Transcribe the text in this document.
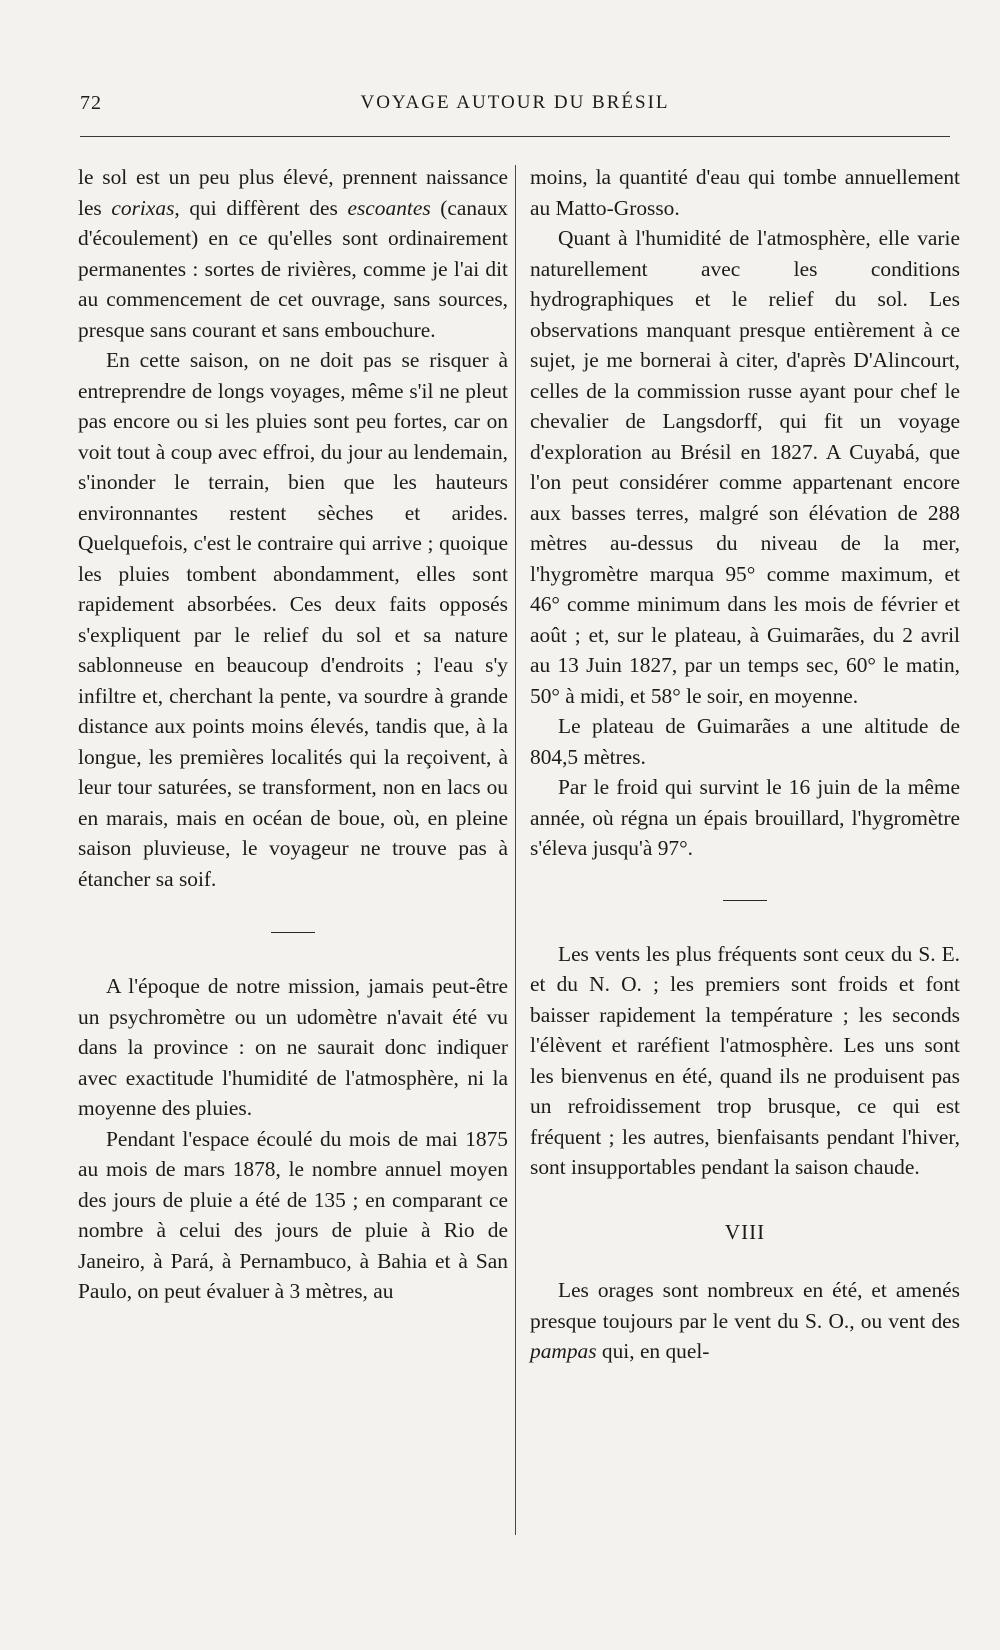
72	VOYAGE AUTOUR DU BRÉSIL

le sol est un peu plus élevé, prennent naissance les corixas, qui diffèrent des escoantes (canaux d'écoulement) en ce qu'elles sont ordinairement permanentes : sortes de rivières, comme je l'ai dit au commencement de cet ouvrage, sans sources, presque sans courant et sans embouchure.

En cette saison, on ne doit pas se risquer à entreprendre de longs voyages, même s'il ne pleut pas encore ou si les pluies sont peu fortes, car on voit tout à coup avec effroi, du jour au lendemain, s'inonder le terrain, bien que les hauteurs environnantes restent sèches et arides. Quelquefois, c'est le contraire qui arrive ; quoique les pluies tombent abondamment, elles sont rapidement absorbées. Ces deux faits opposés s'expliquent par le relief du sol et sa nature sablonneuse en beaucoup d'endroits ; l'eau s'y infiltre et, cherchant la pente, va sourdre à grande distance aux points moins élevés, tandis que, à la longue, les premières localités qui la reçoivent, à leur tour saturées, se transforment, non en lacs ou en marais, mais en océan de boue, où, en pleine saison pluvieuse, le voyageur ne trouve pas à étancher sa soif.

A l'époque de notre mission, jamais peut-être un psychromètre ou un udomètre n'avait été vu dans la province : on ne saurait donc indiquer avec exactitude l'humidité de l'atmosphère, ni la moyenne des pluies.

Pendant l'espace écoulé du mois de mai 1875 au mois de mars 1878, le nombre annuel moyen des jours de pluie a été de 135 ; en comparant ce nombre à celui des jours de pluie à Rio de Janeiro, à Pará, à Pernambuco, à Bahia et à San Paulo, on peut évaluer à 3 mètres, au

moins, la quantité d'eau qui tombe annuellement au Matto-Grosso.

Quant à l'humidité de l'atmosphère, elle varie naturellement avec les conditions hydrographiques et le relief du sol. Les observations manquant presque entièrement à ce sujet, je me bornerai à citer, d'après D'Alincourt, celles de la commission russe ayant pour chef le chevalier de Langsdorff, qui fit un voyage d'exploration au Brésil en 1827. A Cuyabá, que l'on peut considérer comme appartenant encore aux basses terres, malgré son élévation de 288 mètres au-dessus du niveau de la mer, l'hygromètre marqua 95° comme maximum, et 46° comme minimum dans les mois de février et août ; et, sur le plateau, à Guimarães, du 2 avril au 13 Juin 1827, par un temps sec, 60° le matin, 50° à midi, et 58° le soir, en moyenne.

Le plateau de Guimarães a une altitude de 804,5 mètres.

Par le froid qui survint le 16 juin de la même année, où régna un épais brouillard, l'hygromètre s'éleva jusqu'à 97°.

Les vents les plus fréquents sont ceux du S. E. et du N. O. ; les premiers sont froids et font baisser rapidement la température ; les seconds l'élèvent et raréfient l'atmosphère. Les uns sont les bienvenus en été, quand ils ne produisent pas un refroidissement trop brusque, ce qui est fréquent ; les autres, bienfaisants pendant l'hiver, sont insupportables pendant la saison chaude.

VIII

Les orages sont nombreux en été, et amenés presque toujours par le vent du S. O., ou vent des pampas qui, en quel-
